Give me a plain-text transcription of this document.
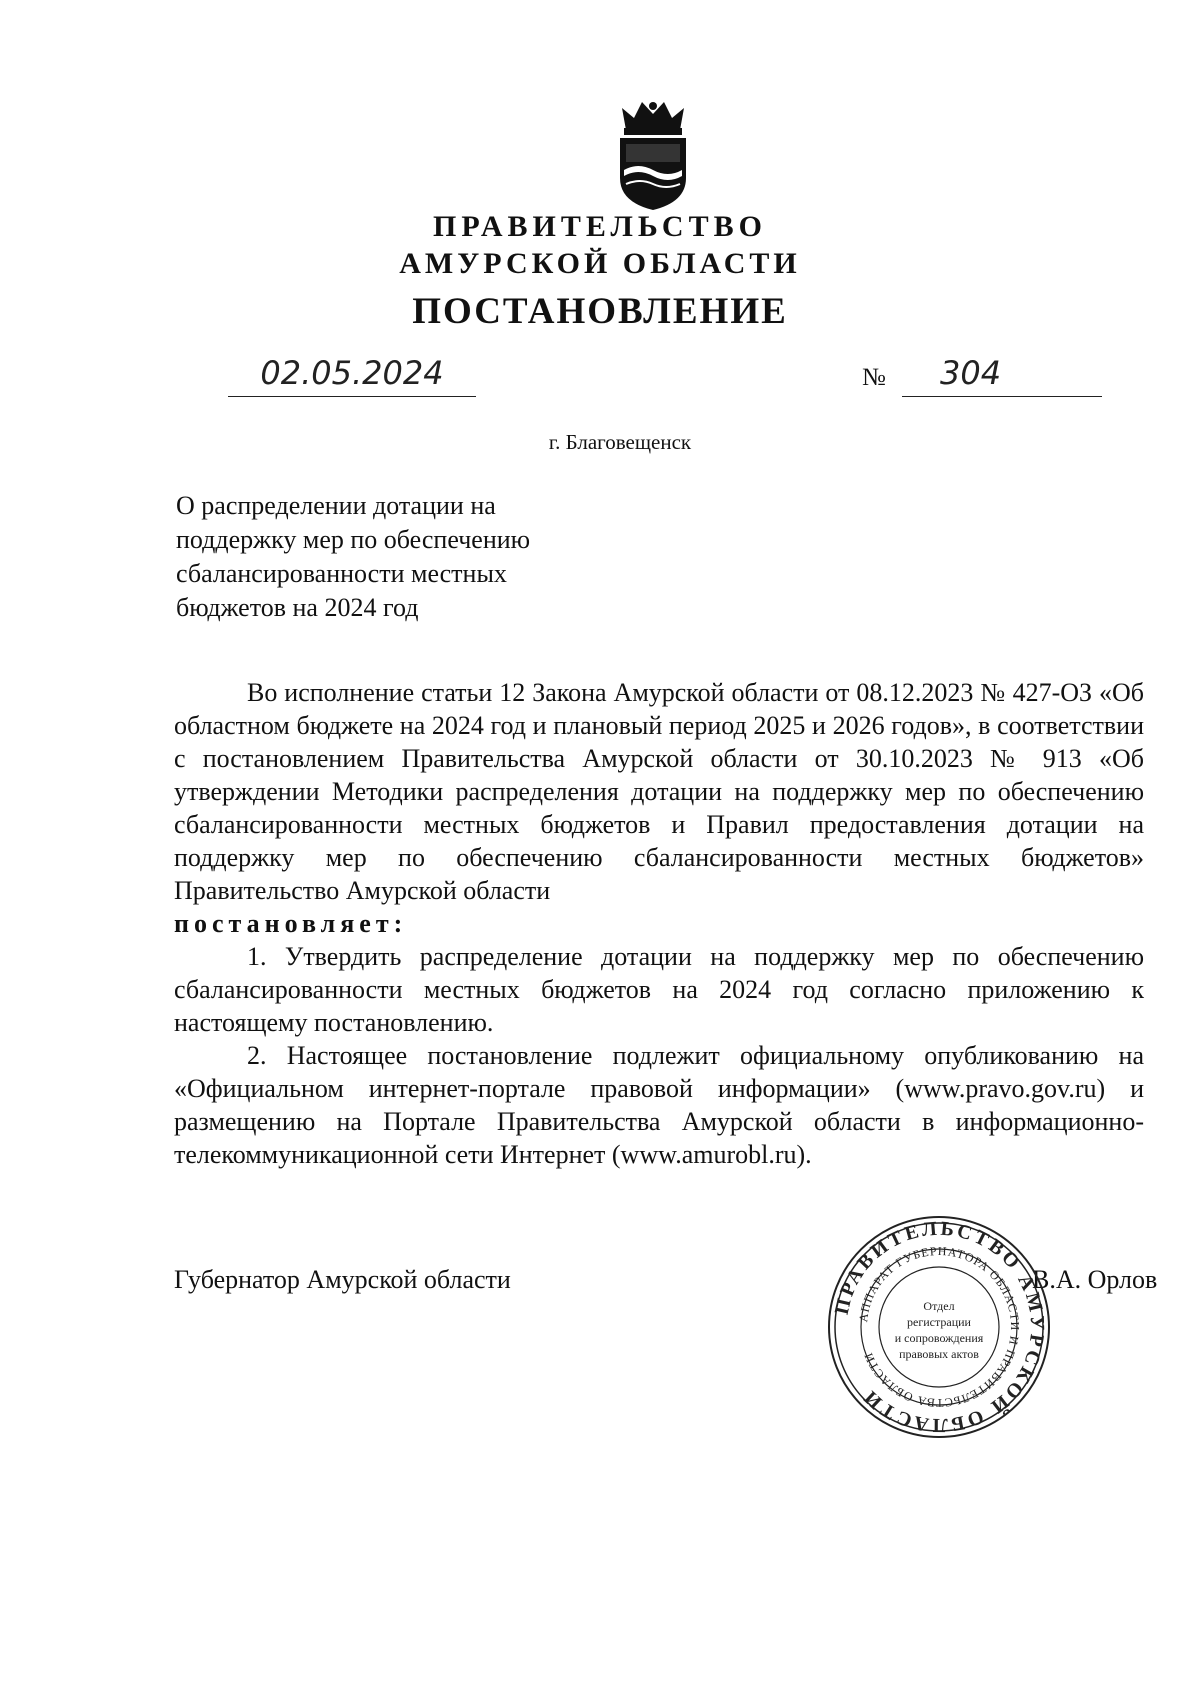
ПРАВИТЕЛЬСТВО
АМУРСКОЙ ОБЛАСТИ
ПОСТАНОВЛЕНИЕ
02.05.2024	№ 304
г. Благовещенск
О распределении дотации на
поддержку мер по обеспечению
сбалансированности местных
бюджетов на 2024 год

Во исполнение статьи 12 Закона Амурской области от 08.12.2023 № 427-ОЗ «Об областном бюджете на 2024 год и плановый период 2025 и 2026 годов», в соответствии с постановлением Правительства Амурской области от 30.10.2023 № 913 «Об утверждении Методики распределения дотации на поддержку мер по обеспечению сбалансированности местных бюджетов и Правил предоставления дотации на поддержку мер по обеспечению сбалансированности местных бюджетов» Правительство Амурской области

постановляет:

1. Утвердить распределение дотации на поддержку мер по обеспечению сбалансированности местных бюджетов на 2024 год согласно приложению к настоящему постановлению.

2. Настоящее постановление подлежит официальному опубликованию на «Официальном интернет-портале правовой информации» (www.pravo.gov.ru) и размещению на Портале Правительства Амурской области в информационно-телекоммуникационной сети Интернет (www.amurobl.ru).

Губернатор Амурской области	В.А. Орлов
ПРАВИТЕЛЬСТВО АМУРСКОЙ ОБЛАСТИ
АППАРАТ ГУБЕРНАТОРА ОБЛАСТИ И ПРАВИТЕЛЬСТВА ОБЛАСТИ
Отдел
регистрации
и сопровождения
правовых актов
